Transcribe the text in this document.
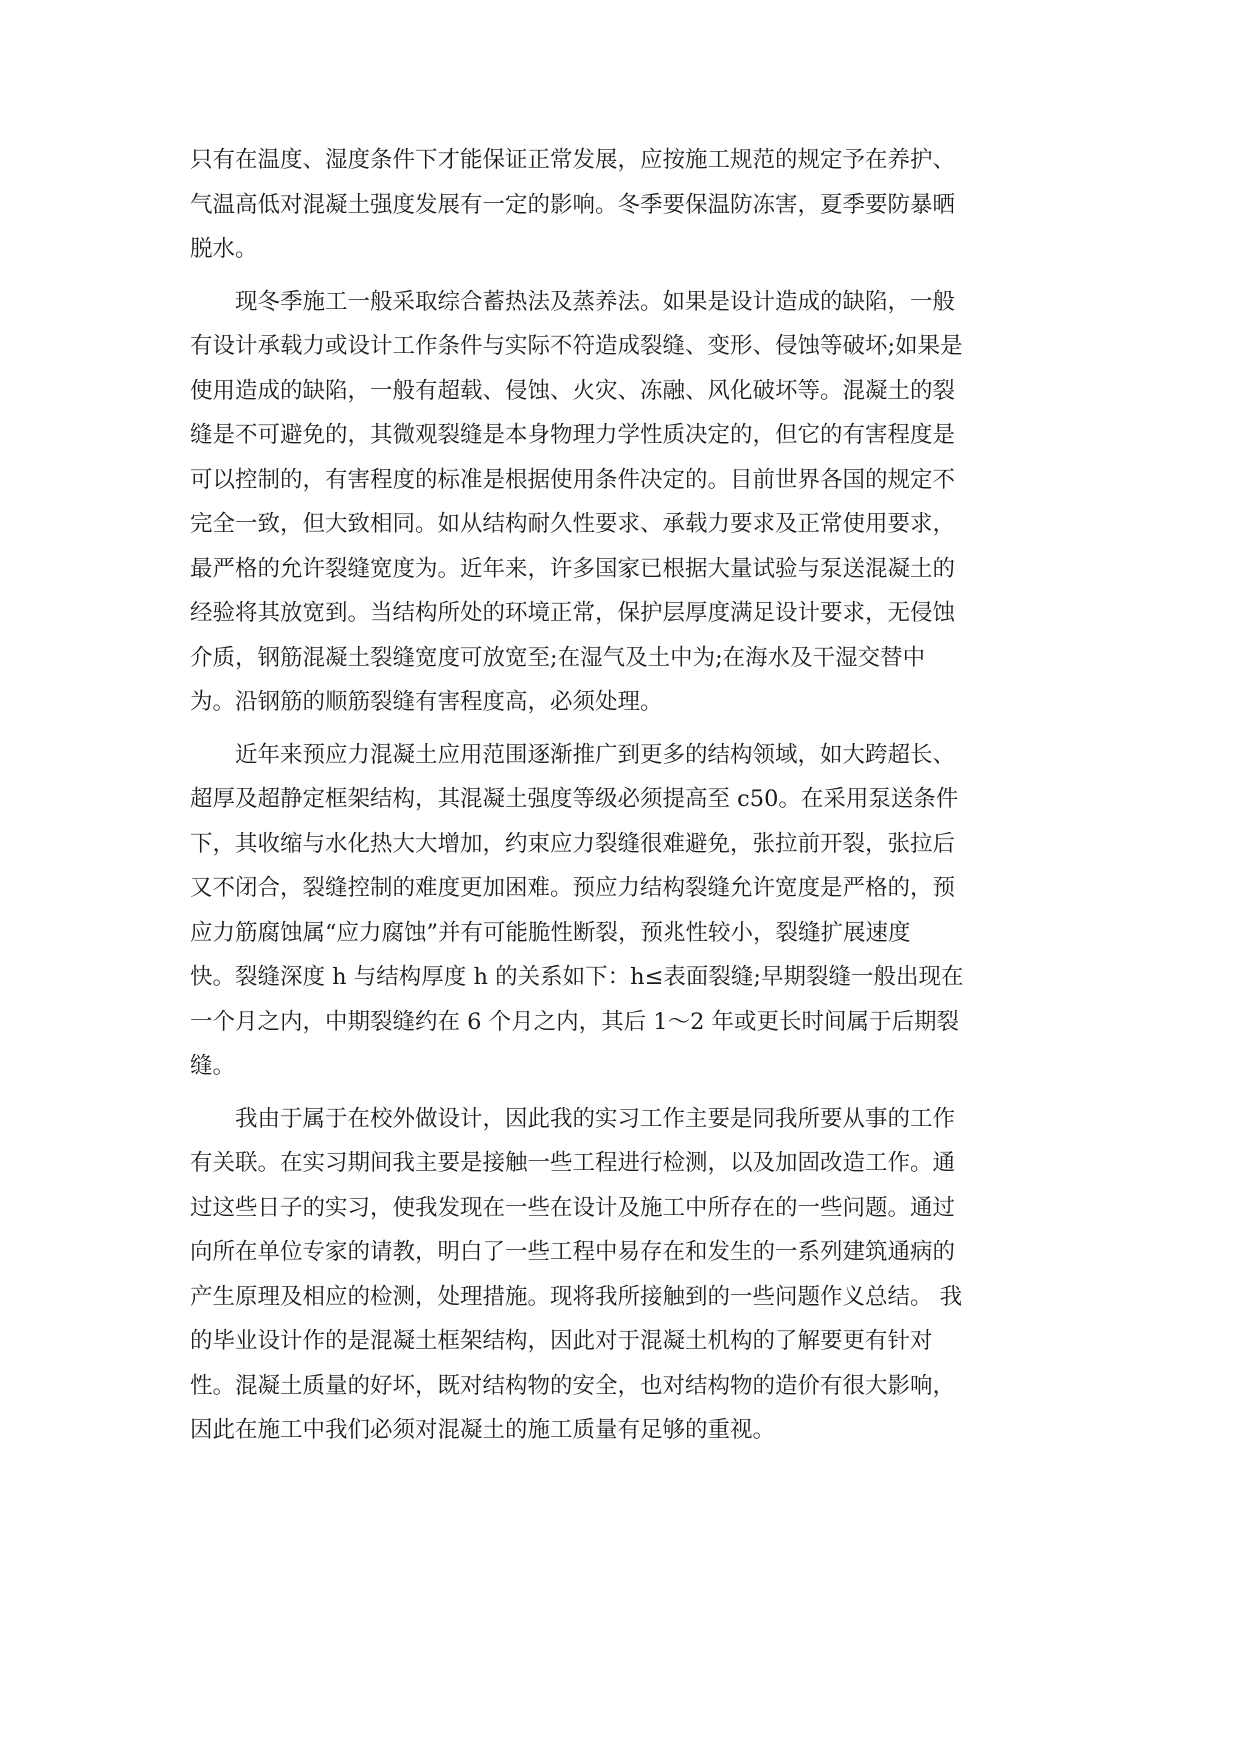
只有在温度、湿度条件下才能保证正常发展，应按施工规范的规定予在养护、
气温高低对混凝土强度发展有一定的影响。冬季要保温防冻害，夏季要防暴晒
脱水。
现冬季施工一般采取综合蓄热法及蒸养法。如果是设计造成的缺陷，一般
有设计承载力或设计工作条件与实际不符造成裂缝、变形、侵蚀等破坏;如果是
使用造成的缺陷，一般有超载、侵蚀、火灾、冻融、风化破坏等。混凝土的裂
缝是不可避免的，其微观裂缝是本身物理力学性质决定的，但它的有害程度是
可以控制的，有害程度的标准是根据使用条件决定的。目前世界各国的规定不
完全一致，但大致相同。如从结构耐久性要求、承载力要求及正常使用要求，
最严格的允许裂缝宽度为。近年来，许多国家已根据大量试验与泵送混凝土的
经验将其放宽到。当结构所处的环境正常，保护层厚度满足设计要求，无侵蚀
介质，钢筋混凝土裂缝宽度可放宽至;在湿气及土中为;在海水及干湿交替中
为。沿钢筋的顺筋裂缝有害程度高，必须处理。
近年来预应力混凝土应用范围逐渐推广到更多的结构领域，如大跨超长、
超厚及超静定框架结构，其混凝土强度等级必须提高至 c50。在采用泵送条件
下，其收缩与水化热大大增加，约束应力裂缝很难避免，张拉前开裂，张拉后
又不闭合，裂缝控制的难度更加困难。预应力结构裂缝允许宽度是严格的，预
应力筋腐蚀属“应力腐蚀”并有可能脆性断裂，预兆性较小，裂缝扩展速度
快。裂缝深度 h 与结构厚度 h 的关系如下：h≤表面裂缝;早期裂缝一般出现在
一个月之内，中期裂缝约在 6 个月之内，其后 1～2 年或更长时间属于后期裂
缝。
我由于属于在校外做设计，因此我的实习工作主要是同我所要从事的工作
有关联。在实习期间我主要是接触一些工程进行检测，以及加固改造工作。通
过这些日子的实习，使我发现在一些在设计及施工中所存在的一些问题。通过
向所在单位专家的请教，明白了一些工程中易存在和发生的一系列建筑通病的
产生原理及相应的检测，处理措施。现将我所接触到的一些问题作义总结。 我
的毕业设计作的是混凝土框架结构，因此对于混凝土机构的了解要更有针对
性。混凝土质量的好坏，既对结构物的安全，也对结构物的造价有很大影响，
因此在施工中我们必须对混凝土的施工质量有足够的重视。
